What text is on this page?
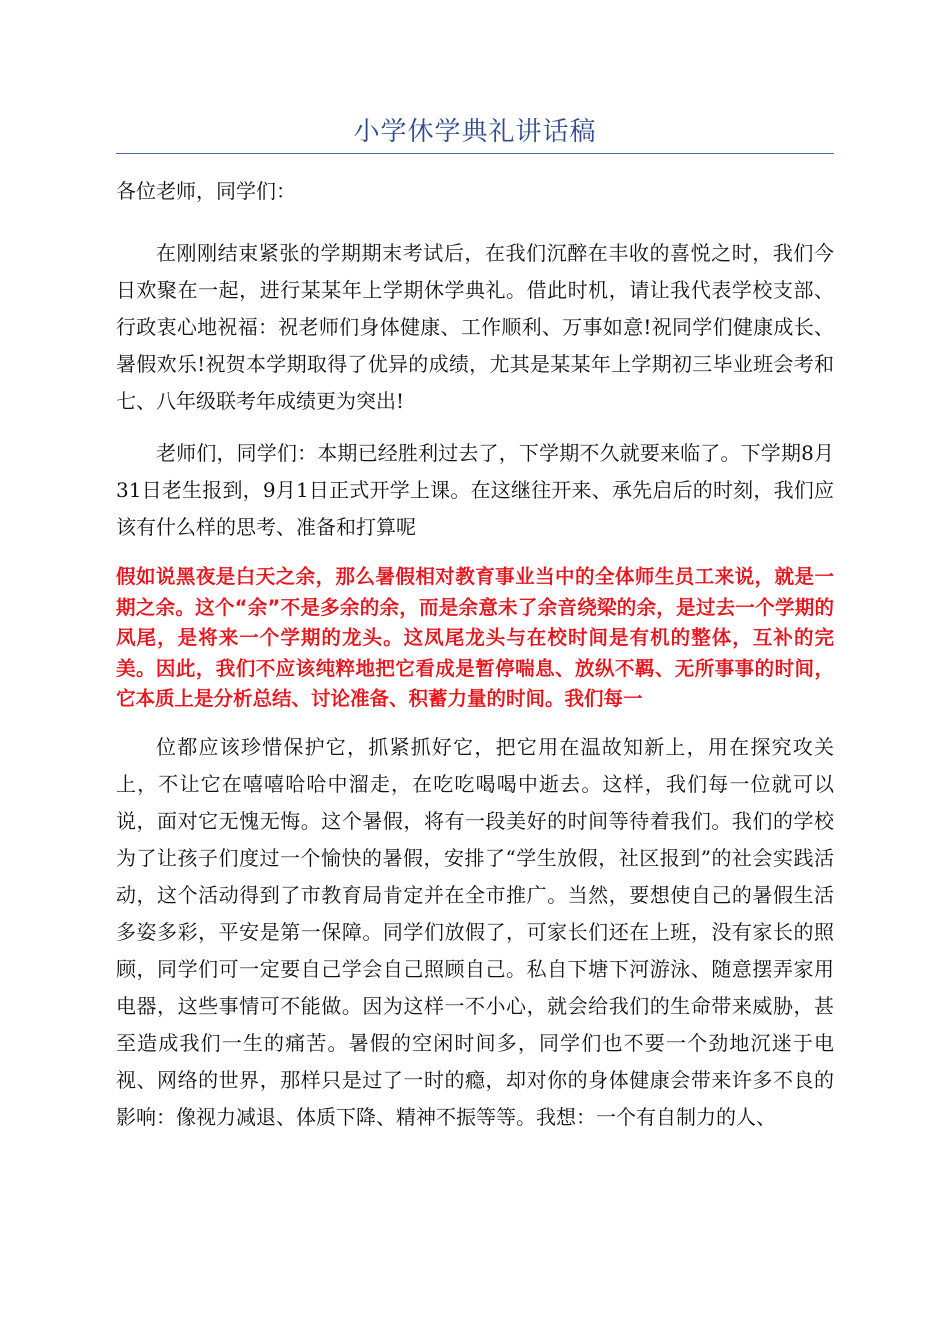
小学休学典礼讲话稿

各位老师，同学们：

在刚刚结束紧张的学期期末考试后，在我们沉醉在丰收的喜悦之时，我们今日欢聚在一起，进行某某年上学期休学典礼。借此时机，请让我代表学校支部、行政衷心地祝福：祝老师们身体健康、工作顺利、万事如意!祝同学们健康成长、暑假欢乐!祝贺本学期取得了优异的成绩，尤其是某某年上学期初三毕业班会考和七、八年级联考年成绩更为突出!

老师们，同学们：本期已经胜利过去了，下学期不久就要来临了。下学期8月31日老生报到，9月1日正式开学上课。在这继往开来、承先启后的时刻，我们应该有什么样的思考、准备和打算呢

假如说黑夜是白天之余，那么暑假相对教育事业当中的全体师生员工来说，就是一期之余。这个“余”不是多余的余，而是余意未了余音绕梁的余，是过去一个学期的凤尾，是将来一个学期的龙头。这凤尾龙头与在校时间是有机的整体，互补的完美。因此，我们不应该纯粹地把它看成是暂停喘息、放纵不羁、无所事事的时间，它本质上是分析总结、讨论准备、积蓄力量的时间。我们每一

位都应该珍惜保护它，抓紧抓好它，把它用在温故知新上，用在探究攻关上，不让它在嘻嘻哈哈中溜走，在吃吃喝喝中逝去。这样，我们每一位就可以说，面对它无愧无悔。这个暑假，将有一段美好的时间等待着我们。我们的学校为了让孩子们度过一个愉快的暑假，安排了“学生放假，社区报到”的社会实践活动，这个活动得到了市教育局肯定并在全市推广。当然，要想使自己的暑假生活多姿多彩，平安是第一保障。同学们放假了，可家长们还在上班，没有家长的照顾，同学们可一定要自己学会自己照顾自己。私自下塘下河游泳、随意摆弄家用电器，这些事情可不能做。因为这样一不小心，就会给我们的生命带来威胁，甚至造成我们一生的痛苦。暑假的空闲时间多，同学们也不要一个劲地沉迷于电视、网络的世界，那样只是过了一时的瘾，却对你的身体健康会带来许多不良的影响：像视力减退、体质下降、精神不振等等。我想：一个有自制力的人、
